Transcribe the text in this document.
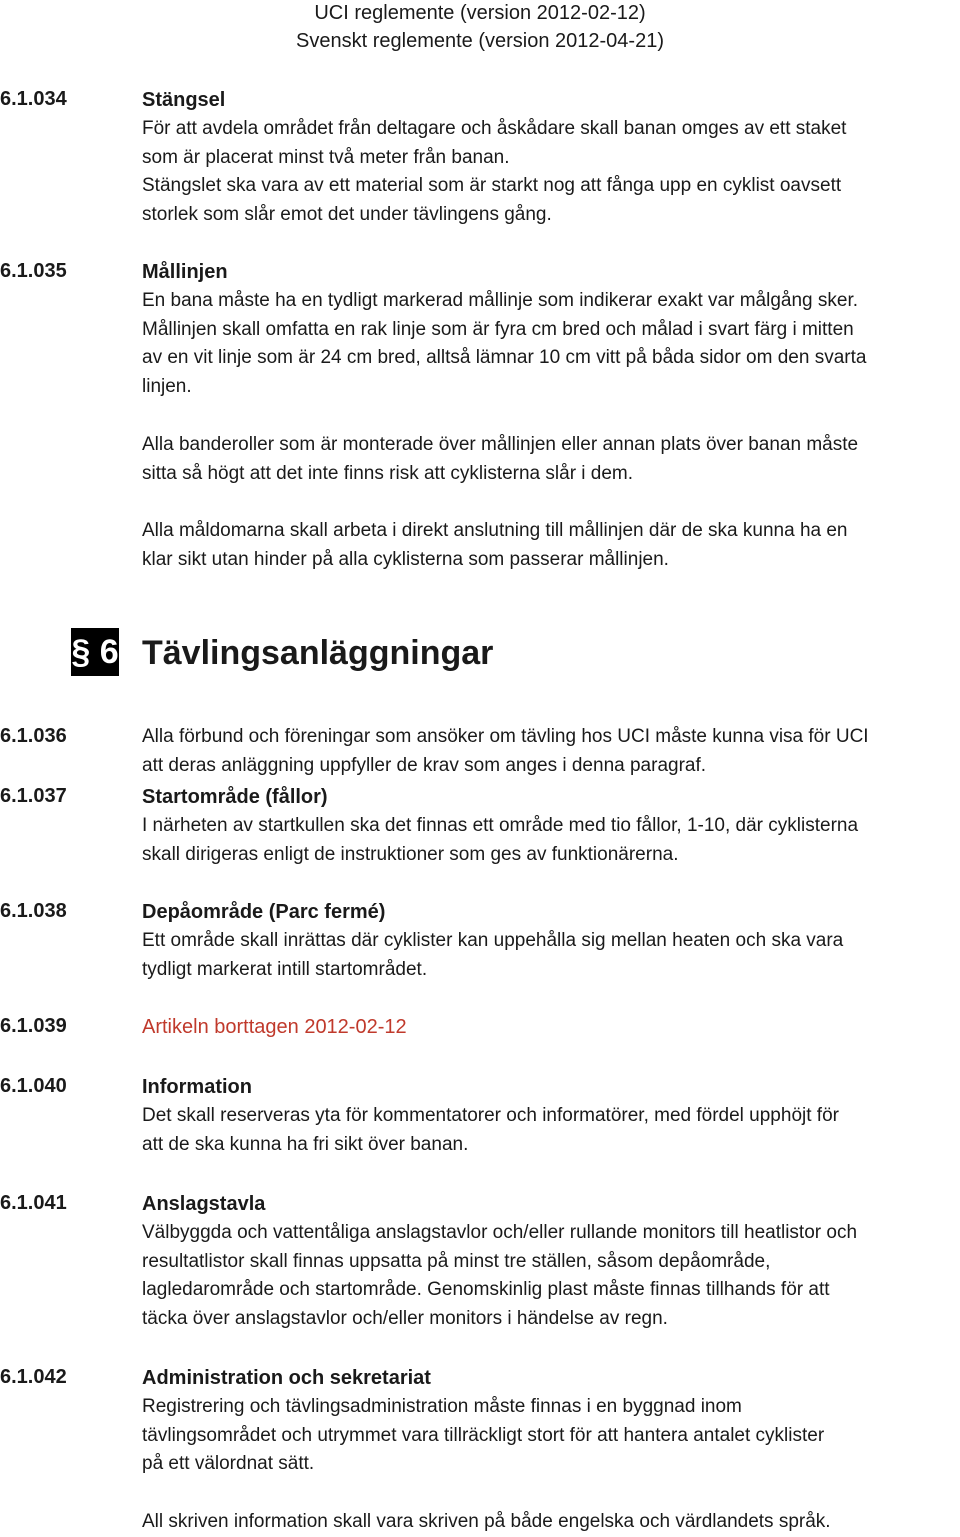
UCI reglemente (version 2012-02-12)
Svenskt reglemente (version 2012-04-21)
6.1.034	Stängsel

För att avdela området från deltagare och åskådare skall banan omges av ett staket

som är placerat minst två meter från banan.

Stängslet ska vara av ett material som är starkt nog att fånga upp en cyklist oavsett

storlek som slår emot det under tävlingens gång.

6.1.035	Mållinjen

En bana måste ha en tydligt markerad mållinje som indikerar exakt var målgång sker.

Mållinjen skall omfatta en rak linje som är fyra cm bred och målad i svart färg i mitten

av en vit linje som är 24 cm bred, alltså lämnar 10 cm vitt på båda sidor om den svarta

linjen.

Alla banderoller som är monterade över mållinjen eller annan plats över banan måste

sitta så högt att det inte finns risk att cyklisterna slår i dem.

Alla måldomarna skall arbeta i direkt anslutning till mållinjen där de ska kunna ha en

klar sikt utan hinder på alla cyklisterna som passerar mållinjen.

§ 6 Tävlingsanläggningar
6.1.036	Alla förbund och föreningar som ansöker om tävling hos UCI måste kunna visa för UCI

att deras anläggning uppfyller de krav som anges i denna paragraf.

6.1.037	Startområde (fållor)

I närheten av startkullen ska det finnas ett område med tio fållor, 1-10, där cyklisterna

skall dirigeras enligt de instruktioner som ges av funktionärerna.

6.1.038	Depåområde (Parc fermé)

Ett område skall inrättas där cyklister kan uppehålla sig mellan heaten och ska vara

tydligt markerat intill startområdet.

6.1.039	Artikeln borttagen 2012-02-12
6.1.040	Information

Det skall reserveras yta för kommentatorer och informatörer, med fördel upphöjt för

att de ska kunna ha fri sikt över banan.

6.1.041	Anslagstavla

Välbyggda och vattentåliga anslagstavlor och/eller rullande monitors till heatlistor och

resultatlistor skall finnas uppsatta på minst tre ställen, såsom depåområde,

lagledarområde och startområde. Genomskinlig plast måste finnas tillhands för att

täcka över anslagstavlor och/eller monitors i händelse av regn.

6.1.042	Administration och sekretariat

Registrering och tävlingsadministration måste finnas i en byggnad inom

tävlingsområdet och utrymmet vara tillräckligt stort för att hantera antalet cyklister

på ett välordnat sätt.

All skriven information skall vara skriven på både engelska och värdlandets språk.
